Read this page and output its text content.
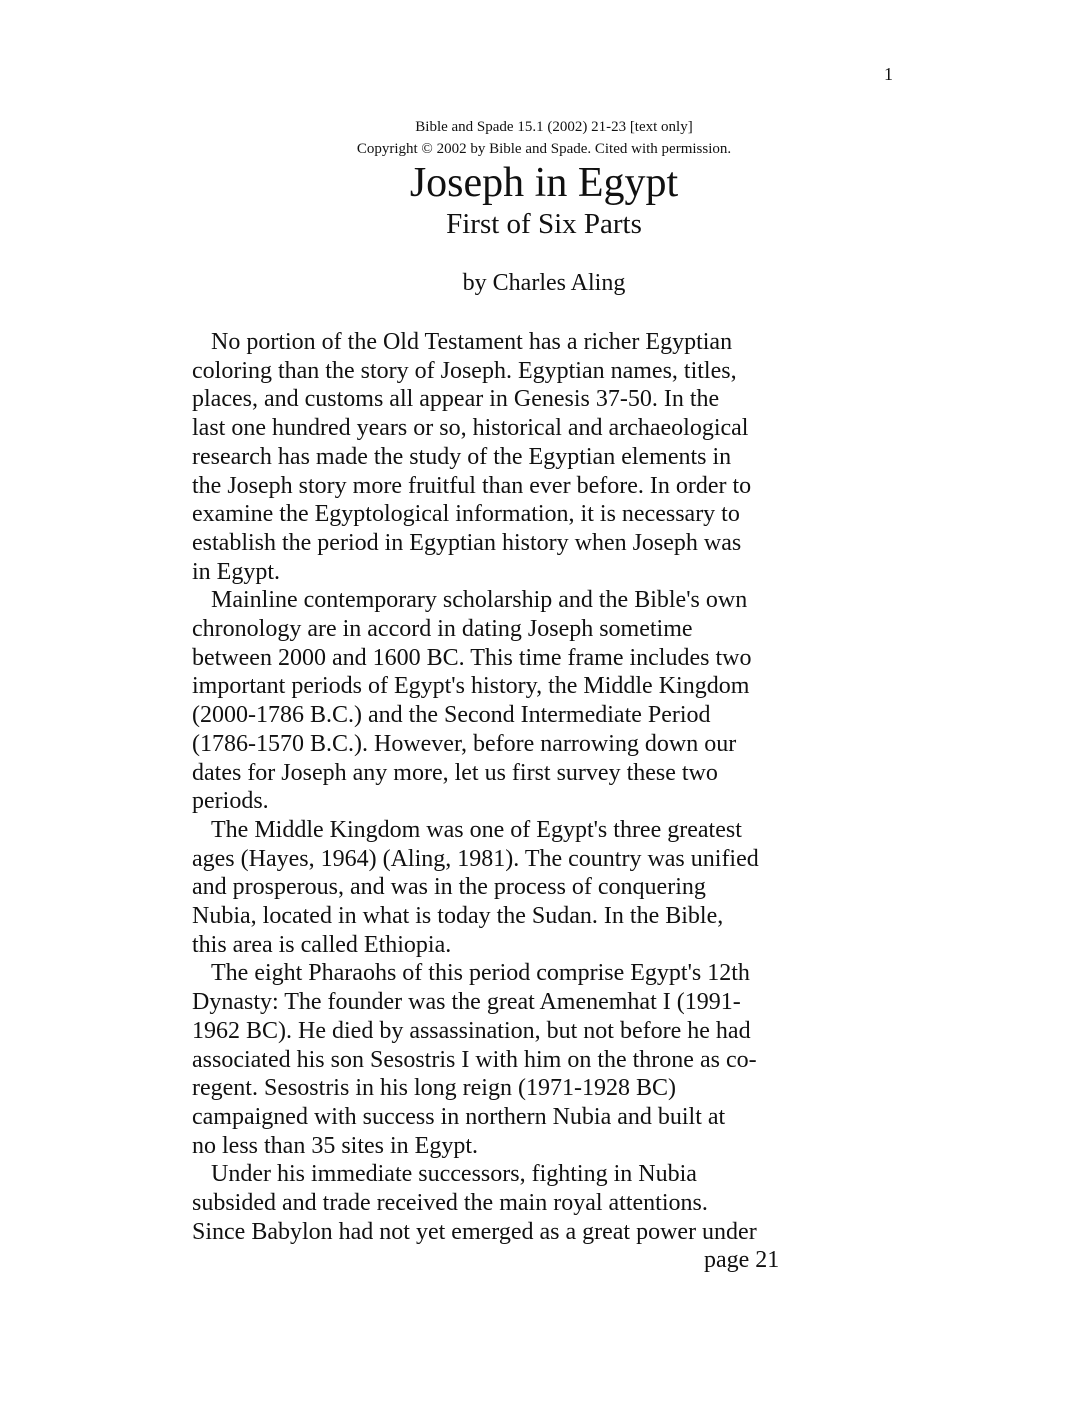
1
Bible and Spade 15.1 (2002) 21-23 [text only]
Copyright © 2002 by Bible and Spade. Cited with permission.
Joseph in Egypt
First of Six Parts
by Charles Aling
No portion of the Old Testament has a richer Egyptian
coloring than the story of Joseph. Egyptian names, titles,
places, and customs all appear in Genesis 37-50. In the
last one hundred years or so, historical and archaeological
research has made the study of the Egyptian elements in
the Joseph story more fruitful than ever before. In order to
examine the Egyptological information, it is necessary to
establish the period in Egyptian history when Joseph was
in Egypt.
Mainline contemporary scholarship and the Bible's own
chronology are in accord in dating Joseph sometime
between 2000 and 1600 BC. This time frame includes two
important periods of Egypt's history, the Middle Kingdom
(2000-1786 B.C.) and the Second Intermediate Period
(1786-1570 B.C.). However, before narrowing down our
dates for Joseph any more, let us first survey these two
periods.
The Middle Kingdom was one of Egypt's three greatest
ages (Hayes, 1964) (Aling, 1981). The country was unified
and prosperous, and was in the process of conquering
Nubia, located in what is today the Sudan. In the Bible,
this area is called Ethiopia.
The eight Pharaohs of this period comprise Egypt's 12th
Dynasty: The founder was the great Amenemhat I (1991-
1962 BC). He died by assassination, but not before he had
associated his son Sesostris I with him on the throne as co-
regent. Sesostris in his long reign (1971-1928 BC)
campaigned with success in northern Nubia and built at
no less than 35 sites in Egypt.
Under his immediate successors, fighting in Nubia
subsided and trade received the main royal attentions.
Since Babylon had not yet emerged as a great power under
page 21
